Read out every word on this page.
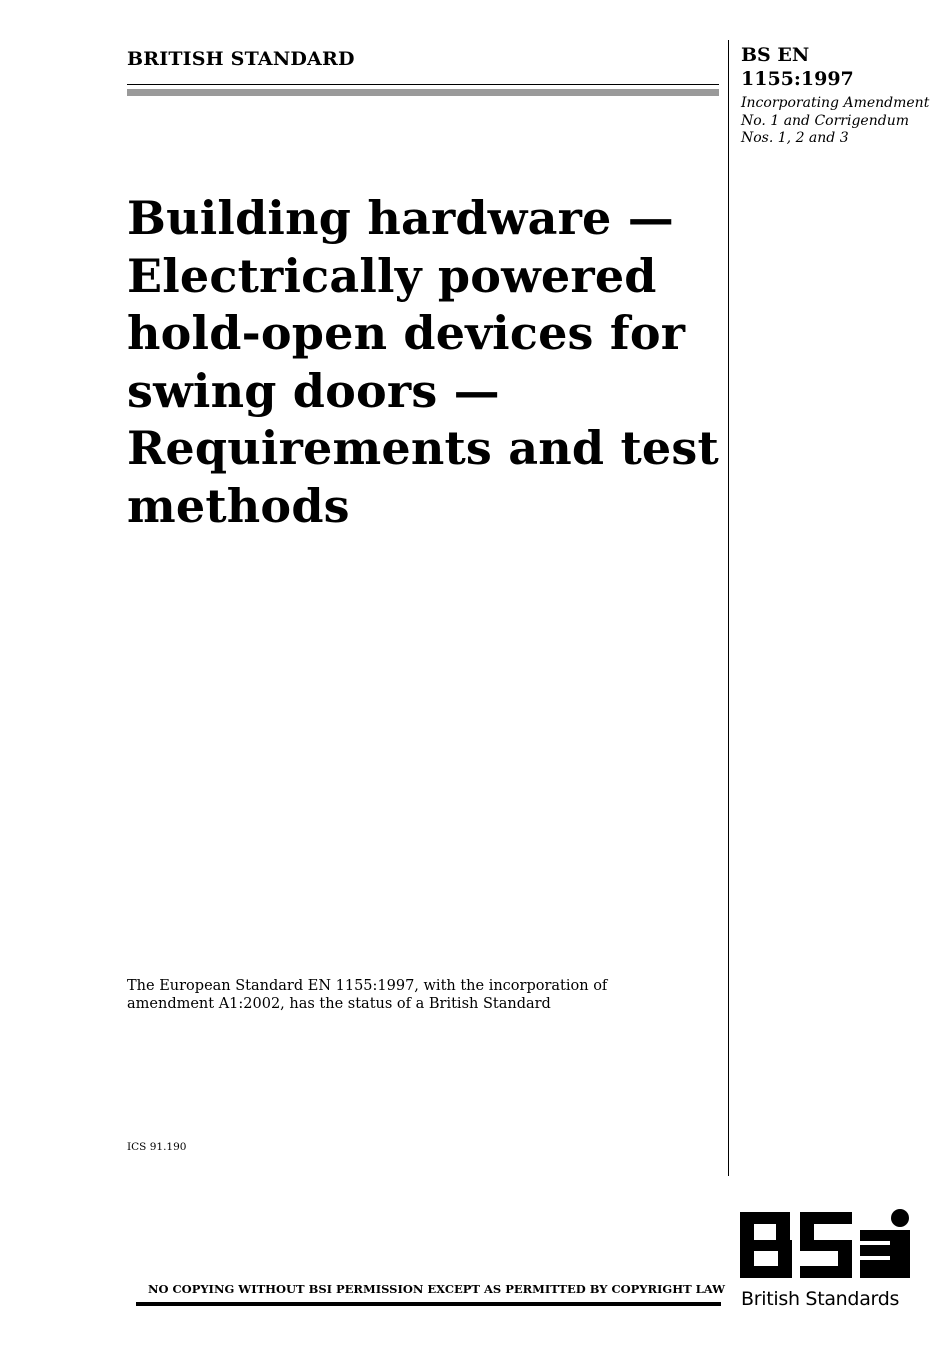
BRITISH STANDARD	BS EN
1155:1997
Incorporating Amendment No. 1 and Corrigendum Nos. 1, 2 and 3
Building hardware —
Electrically powered
hold-open devices for
swing doors —
Requirements and test
methods
The European Standard EN 1155:1997, with the incorporation of amendment A1:2002, has the status of a British Standard
ICS 91.190
NO COPYING WITHOUT BSI PERMISSION EXCEPT AS PERMITTED BY COPYRIGHT LAW British Standards
